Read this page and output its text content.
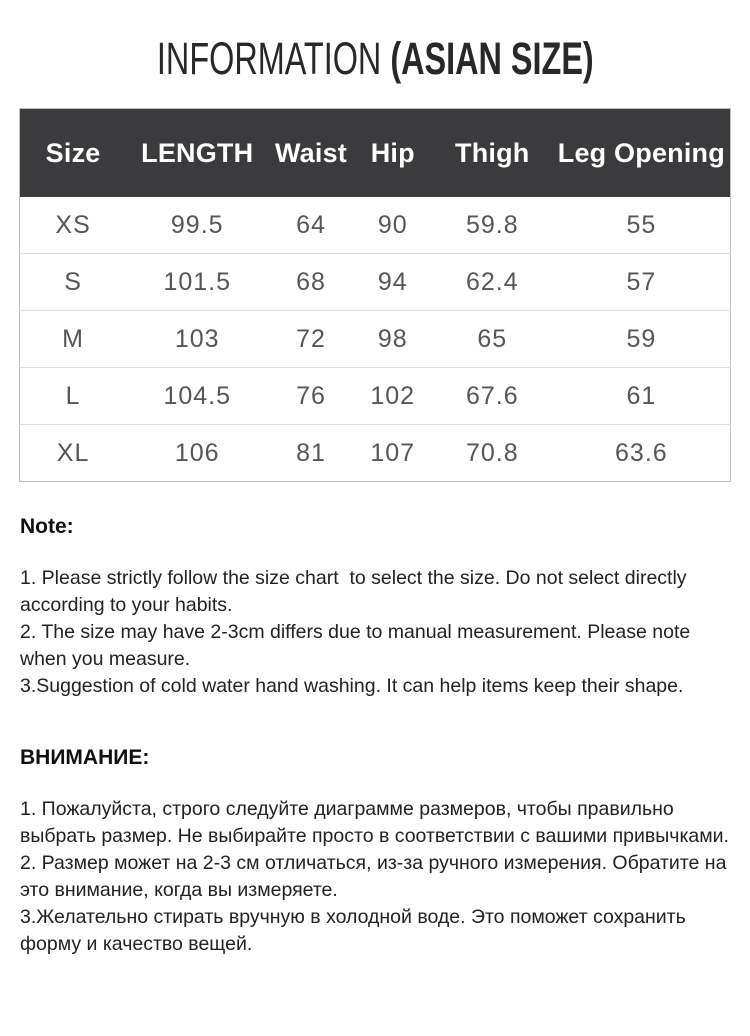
INFORMATION (ASIAN SIZE)
Size	LENGTH	Waist	Hip	Thigh	Leg Opening
XS	99.5	64	90	59.8	55
S	101.5	68	94	62.4	57
M	103	72	98	65	59
L	104.5	76	102	67.6	61
XL	106	81	107	70.8	63.6
Note:

1. Please strictly follow the size chart  to select the size. Do not select directly according to your habits.

2. The size may have 2-3cm differs due to manual measurement. Please note when you measure.

3.Suggestion of cold water hand washing. It can help items keep their shape.

ВНИМАНИЕ:

1. Пожалуйста, строго следуйте диаграмме размеров, чтобы правильно выбрать размер. Не выбирайте просто в соответствии с вашими привычками.

2. Размер может на 2-3 см отличаться, из-за ручного измерения. Обратите на это внимание, когда вы измеряете.

3.Желательно стирать вручную в холодной воде. Это поможет сохранить форму и качество вещей.
